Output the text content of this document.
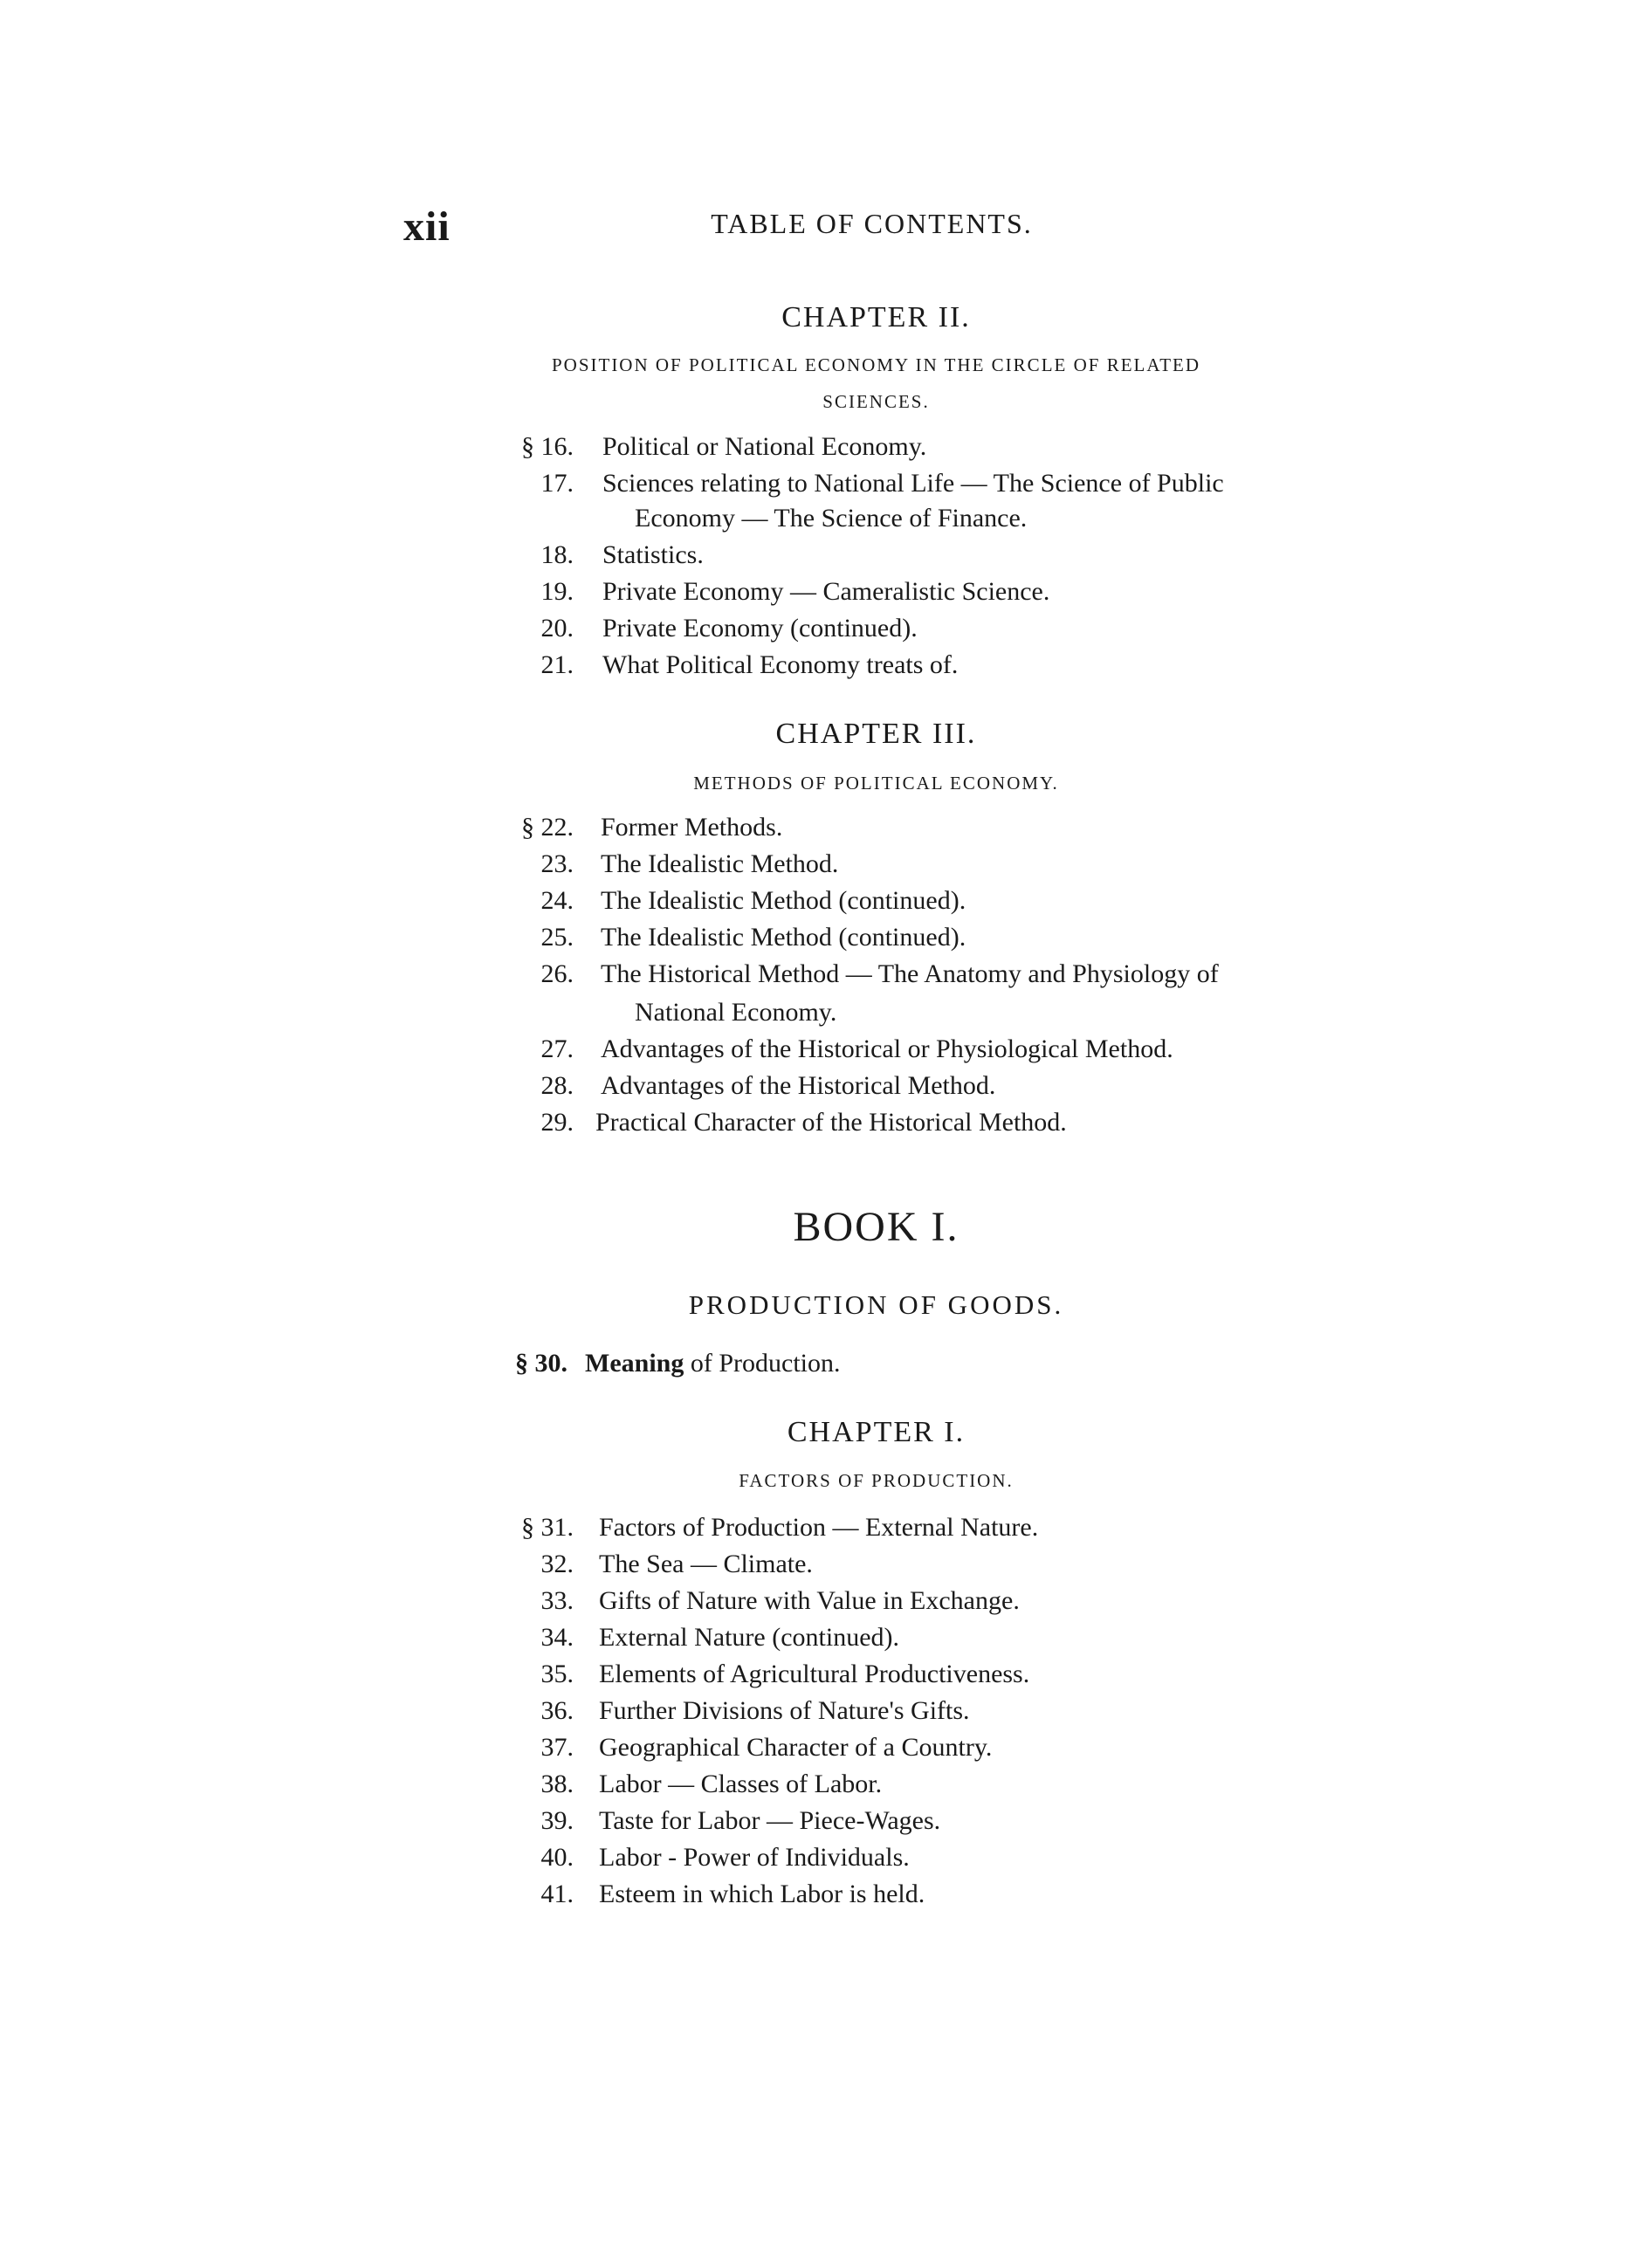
xii	TABLE OF CONTENTS.
CHAPTER II.
POSITION OF POLITICAL ECONOMY IN THE CIRCLE OF RELATED
SCIENCES.
§ 16. Political or National Economy.
17. Sciences relating to National Life — The Science of Public
Economy — The Science of Finance.
18. Statistics.
19. Private Economy — Cameralistic Science.
20. Private Economy (continued).
21. What Political Economy treats of.
CHAPTER III.
METHODS OF POLITICAL ECONOMY.
§ 22. Former Methods.
23. The Idealistic Method.
24. The Idealistic Method (continued).
25. The Idealistic Method (continued).
26. The Historical Method — The Anatomy and Physiology of
National Economy.
27. Advantages of the Historical or Physiological Method.
28. Advantages of the Historical Method.
29. Practical Character of the Historical Method.
BOOK I.
PRODUCTION OF GOODS.
§ 30. Meaning of Production.
CHAPTER I.
FACTORS OF PRODUCTION.
§ 31. Factors of Production — External Nature.
32. The Sea — Climate.
33. Gifts of Nature with Value in Exchange.
34. External Nature (continued).
35. Elements of Agricultural Productiveness.
36. Further Divisions of Nature's Gifts.
37. Geographical Character of a Country.
38. Labor — Classes of Labor.
39. Taste for Labor — Piece-Wages.
40. Labor - Power of Individuals.
41. Esteem in which Labor is held.
